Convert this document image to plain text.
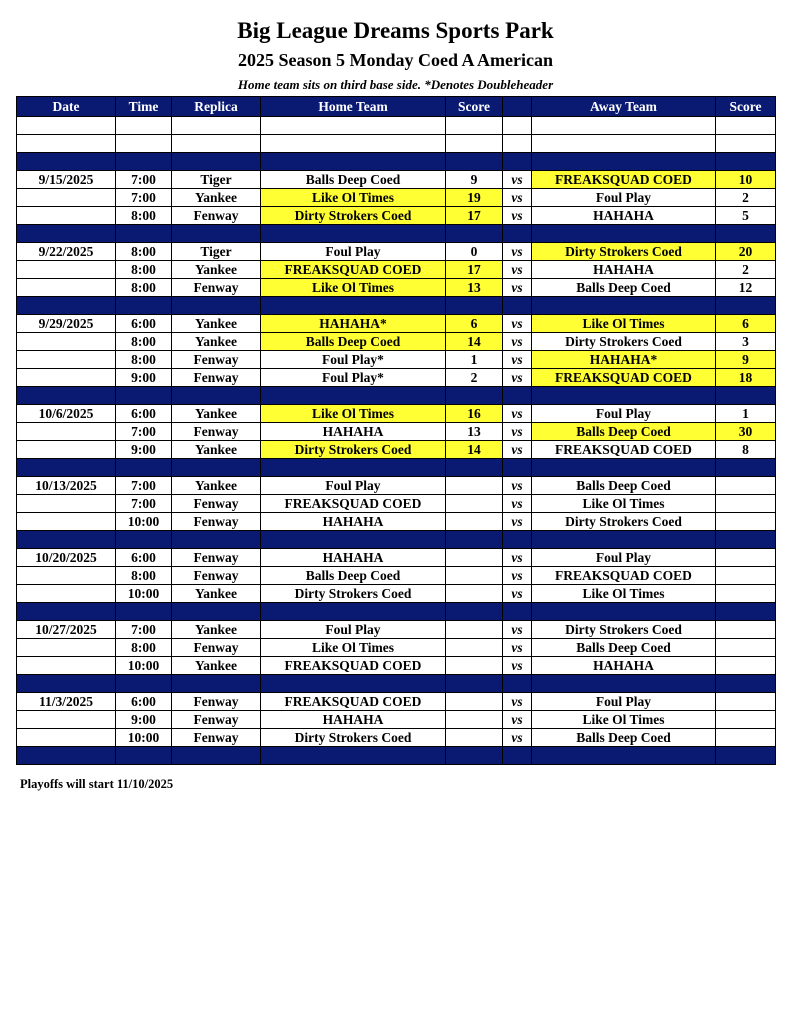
Big League Dreams Sports Park
2025 Season 5 Monday Coed A American
Home team sits on third base side. *Denotes Doubleheader
Date	Time	Replica	Home Team	Score		Away Team	Score

9/15/2025	7:00	Tiger	Balls Deep Coed	9	vs	FREAKSQUAD COED	10
	7:00	Yankee	Like Ol Times	19	vs	Foul Play	2
	8:00	Fenway	Dirty Strokers Coed	17	vs	HAHAHA	5

9/22/2025	8:00	Tiger	Foul Play	0	vs	Dirty Strokers Coed	20
	8:00	Yankee	FREAKSQUAD COED	17	vs	HAHAHA	2
	8:00	Fenway	Like Ol Times	13	vs	Balls Deep Coed	12

9/29/2025	6:00	Yankee	HAHAHA*	6	vs	Like Ol Times	6
	8:00	Yankee	Balls Deep Coed	14	vs	Dirty Strokers Coed	3
	8:00	Fenway	Foul Play*	1	vs	HAHAHA*	9
	9:00	Fenway	Foul Play*	2	vs	FREAKSQUAD COED	18

10/6/2025	6:00	Yankee	Like Ol Times	16	vs	Foul Play	1
	7:00	Fenway	HAHAHA	13	vs	Balls Deep Coed	30
	9:00	Yankee	Dirty Strokers Coed	14	vs	FREAKSQUAD COED	8

10/13/2025	7:00	Yankee	Foul Play		vs	Balls Deep Coed	
	7:00	Fenway	FREAKSQUAD COED		vs	Like Ol Times	
	10:00	Fenway	HAHAHA		vs	Dirty Strokers Coed	

10/20/2025	6:00	Fenway	HAHAHA		vs	Foul Play	
	8:00	Fenway	Balls Deep Coed		vs	FREAKSQUAD COED	
	10:00	Yankee	Dirty Strokers Coed		vs	Like Ol Times	

10/27/2025	7:00	Yankee	Foul Play		vs	Dirty Strokers Coed	
	8:00	Fenway	Like Ol Times		vs	Balls Deep Coed	
	10:00	Yankee	FREAKSQUAD COED		vs	HAHAHA	

11/3/2025	6:00	Fenway	FREAKSQUAD COED		vs	Foul Play	
	9:00	Fenway	HAHAHA		vs	Like Ol Times	
	10:00	Fenway	Dirty Strokers Coed		vs	Balls Deep Coed	

Playoffs will start 11/10/2025
